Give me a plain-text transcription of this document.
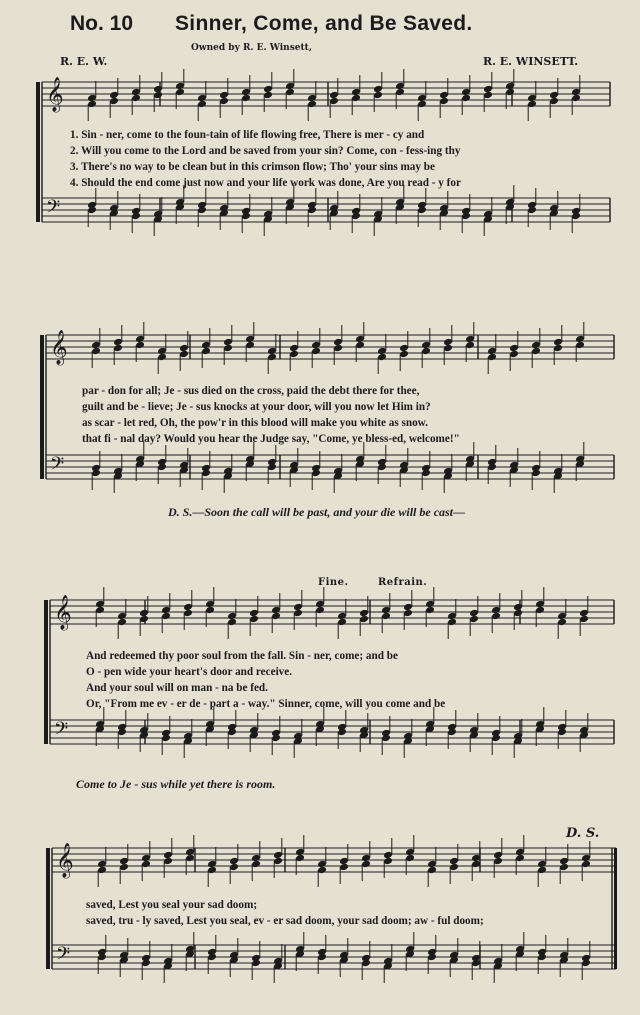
𝄞
𝄢
𝄞
𝄢
𝄞
𝄢
𝄞
𝄢
No. 10 Sinner, Come, and Be Saved.
Owned by R. E. Winsett,
R. E. W.	R. E. WINSETT.
1. Sin - ner, come to the foun-tain of life flowing free, There is mer - cy and
2. Will you come to the Lord and be saved from your sin? Come, con - fess-ing thy
3. There's no way to be clean but in this crimson flow; Tho' your sins may be
4. Should the end come just now and your life work was done, Are you read - y for
par - don for all; Je - sus died on the cross, paid the debt there for thee,
guilt and be - lieve; Je - sus knocks at your door, will you now let Him in?
as scar - let red, Oh, the pow'r in this blood will make you white as snow.
that fi - nal day? Would you hear the Judge say, "Come, ye bless-ed, welcome!"
D. S.—Soon the call will be past, and your die will be cast—
Fine.	Refrain.
And redeemed thy poor soul from the fall. Sin - ner, come; and be
O - pen wide your heart's door and receive.
And your soul will on man - na be fed.
Or, "From me ev - er de - part a - way." Sinner, come, will you come and be
Come to Je - sus while yet there is room.
D. S.
saved, Lest you seal your sad doom;
saved, tru - ly saved, Lest you seal, ev - er sad doom, your sad doom; aw - ful doom;
